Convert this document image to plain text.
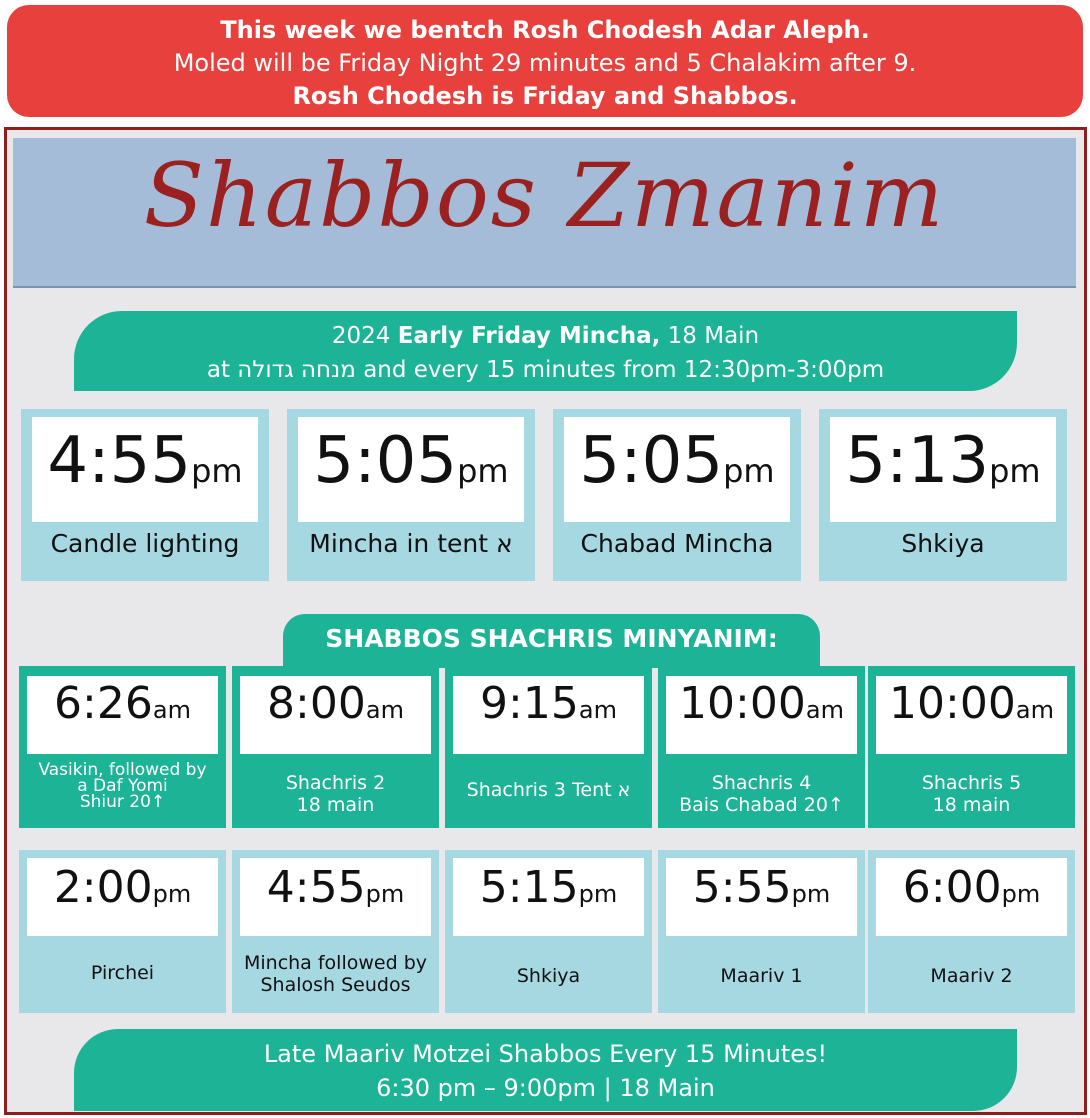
This week we bentch Rosh Chodesh Adar Aleph.
Moled will be Friday Night 29 minutes and 5 Chalakim after 9.
Rosh Chodesh is Friday and Shabbos.
Shabbos Zmanim
2024 Early Friday Mincha, 18 Main
at מנחה גדולה and every 15 minutes from 12:30pm-3:00pm
4:55pm
Candle lighting
5:05pm
Mincha in tent א
5:05pm
Chabad Mincha
5:13pm
Shkiya
SHABBOS SHACHRIS MINYANIM:
6:26am
Vasikin, followed by
a Daf Yomi
Shiur 20↑
8:00am
Shachris 2
18 main
9:15am
Shachris 3 Tent א
10:00am
Shachris 4
Bais Chabad 20↑
10:00am
Shachris 5
18 main
2:00pm
Pirchei
4:55pm
Mincha followed by
Shalosh Seudos
5:15pm
Shkiya
5:55pm
Maariv 1
6:00pm
Maariv 2
Late Maariv Motzei Shabbos Every 15 Minutes!
6:30 pm – 9:00pm | 18 Main
